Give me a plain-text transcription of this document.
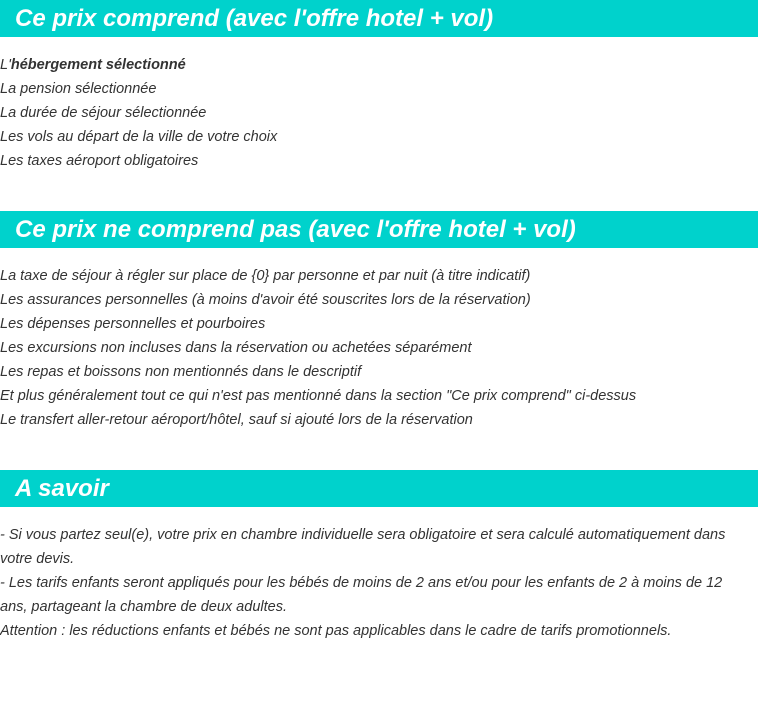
Ce prix comprend (avec l'offre hotel + vol)
L'hébergement sélectionné
La pension sélectionnée
La durée de séjour sélectionnée
Les vols au départ de la ville de votre choix
Les taxes aéroport obligatoires
Ce prix ne comprend pas (avec l'offre hotel + vol)
La taxe de séjour à régler sur place de {0} par personne et par nuit (à titre indicatif)
Les assurances personnelles (à moins d'avoir été souscrites lors de la réservation)
Les dépenses personnelles et pourboires
Les excursions non incluses dans la réservation ou achetées séparément
Les repas et boissons non mentionnés dans le descriptif
Et plus généralement tout ce qui n'est pas mentionné dans la section "Ce prix comprend" ci-dessus
Le transfert aller-retour aéroport/hôtel, sauf si ajouté lors de la réservation
A savoir

- Si vous partez seul(e), votre prix en chambre individuelle sera obligatoire et sera calculé automatiquement dans votre devis.

- Les tarifs enfants seront appliqués pour les bébés de moins de 2 ans et/ou pour les enfants de 2 à moins de 12 ans, partageant la chambre de deux adultes.

Attention : les réductions enfants et bébés ne sont pas applicables dans le cadre de tarifs promotionnels.
